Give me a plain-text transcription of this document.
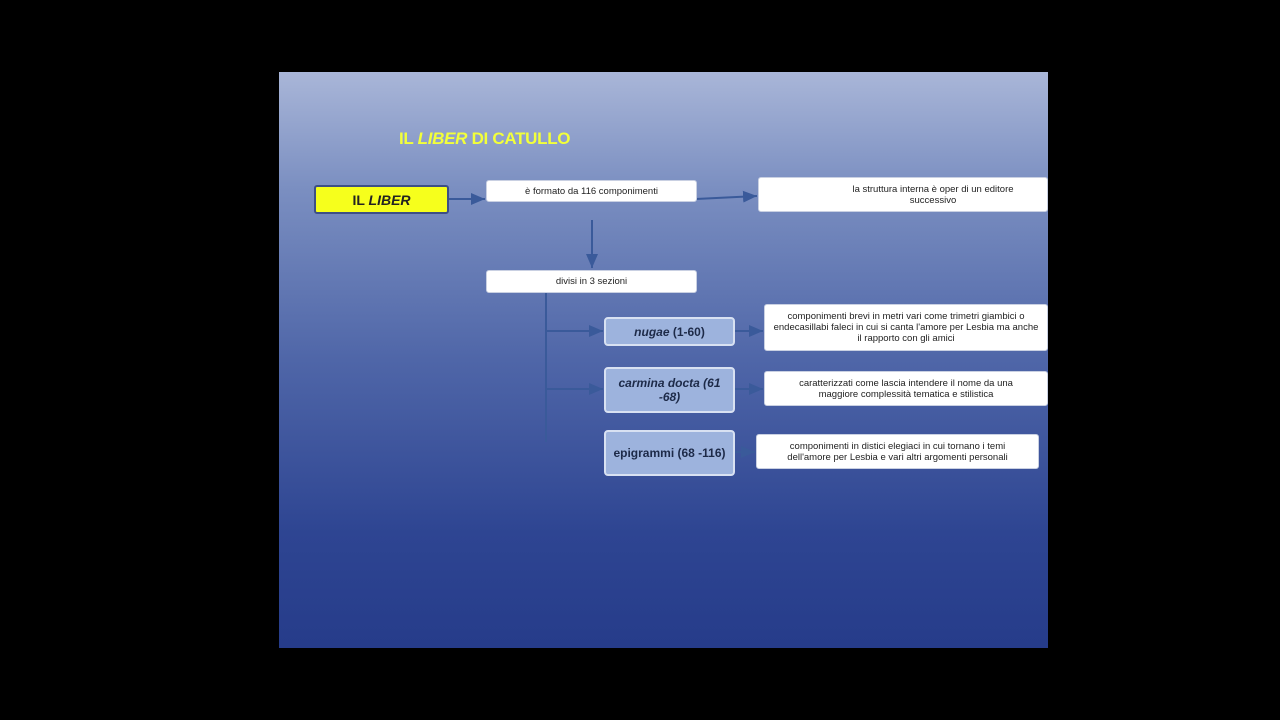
IL LIBER DI CATULLO
IL LIBER
è formato da 116 componimenti	la struttura interna è oper di un editore successivo
divisi in 3 sezioni
nugae (1-60)
carmina docta (61 -68)
epigrammi (68 -116)
componimenti brevi in metri vari come trimetri giambici o endecasillabi faleci in cui si canta l'amore per Lesbia ma anche il rapporto con gli amici
caratterizzati come lascia intendere il nome da una maggiore complessità tematica e stilistica
componimenti in distici elegiaci in cui tornano i temi dell'amore per Lesbia e vari altri argomenti personali
